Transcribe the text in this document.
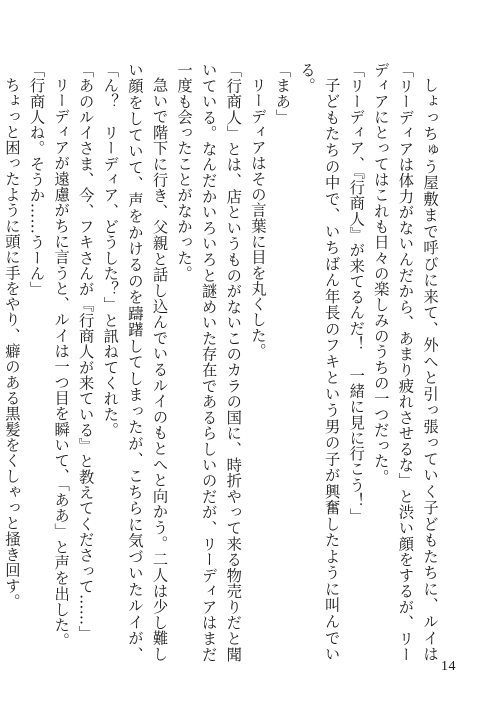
しょっちゅう屋敷まで呼びに来て、外へと引っ張っていく子どもたちに、ルイは「リーディアは体力がないんだから、あまり疲れさせるな」と渋い顔をするが、リーディアにとってはこれも日々の楽しみのうちの一つだった。

「リーディア、『行商人』が来てるんだ！　一緒に見に行こう！」

子どもたちの中で、いちばん年長のフキという男の子が興奮したように叫んでいる。

「まあ」

リーディアはその言葉に目を丸くした。

「行商人」とは、店というものがないこのカラの国に、時折やって来る物売りだと聞いている。なんだかいろいろと謎めいた存在であるらしいのだが、リーディアはまだ一度も会ったことがなかった。

急いで階下に行き、父親と話し込んでいるルイのもとへと向かう。二人は少し難しい顔をしていて、声をかけるのを躊躇してしまったが、こちらに気づいたルイが、「ん？　リーディア、どうした？」と訊ねてくれた。

「あのルイさま、今、フキさんが『行商人が来ている』と教えてくださって……」

リーディアが遠慮がちに言うと、ルイは一つ目を瞬いて、「ああ」と声を出した。

「行商人ね。そうか……うーん」

ちょっと困ったように頭に手をやり、癖のある黒髪をくしゃっと掻き回す。

14
